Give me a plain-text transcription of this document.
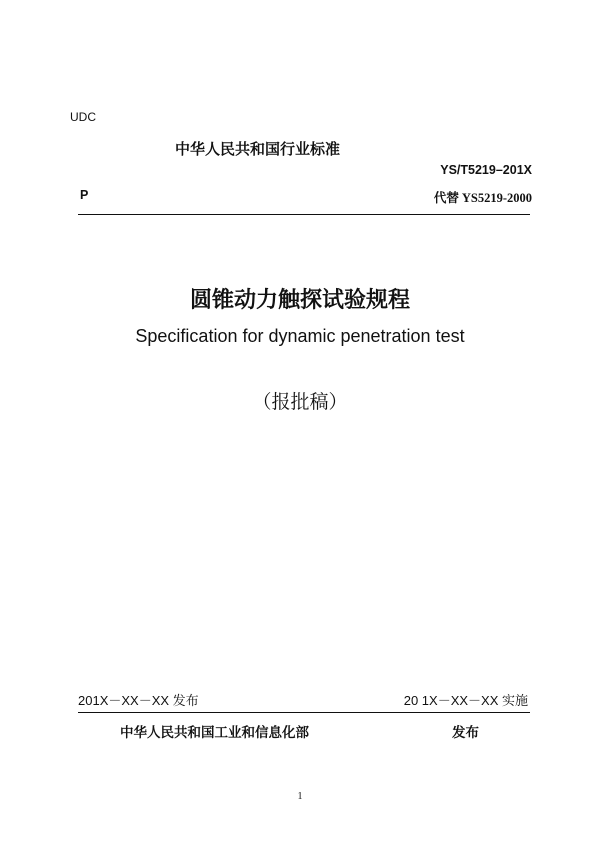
UDC
中华人民共和国行业标准
YS/T5219–201X
P	代替 YS5219-2000
圆锥动力触探试验规程
Specification for dynamic penetration test
（报批稿）
201X－XX－XX 发布	20 1X－XX－XX 实施
中华人民共和国工业和信息化部	发布
1
